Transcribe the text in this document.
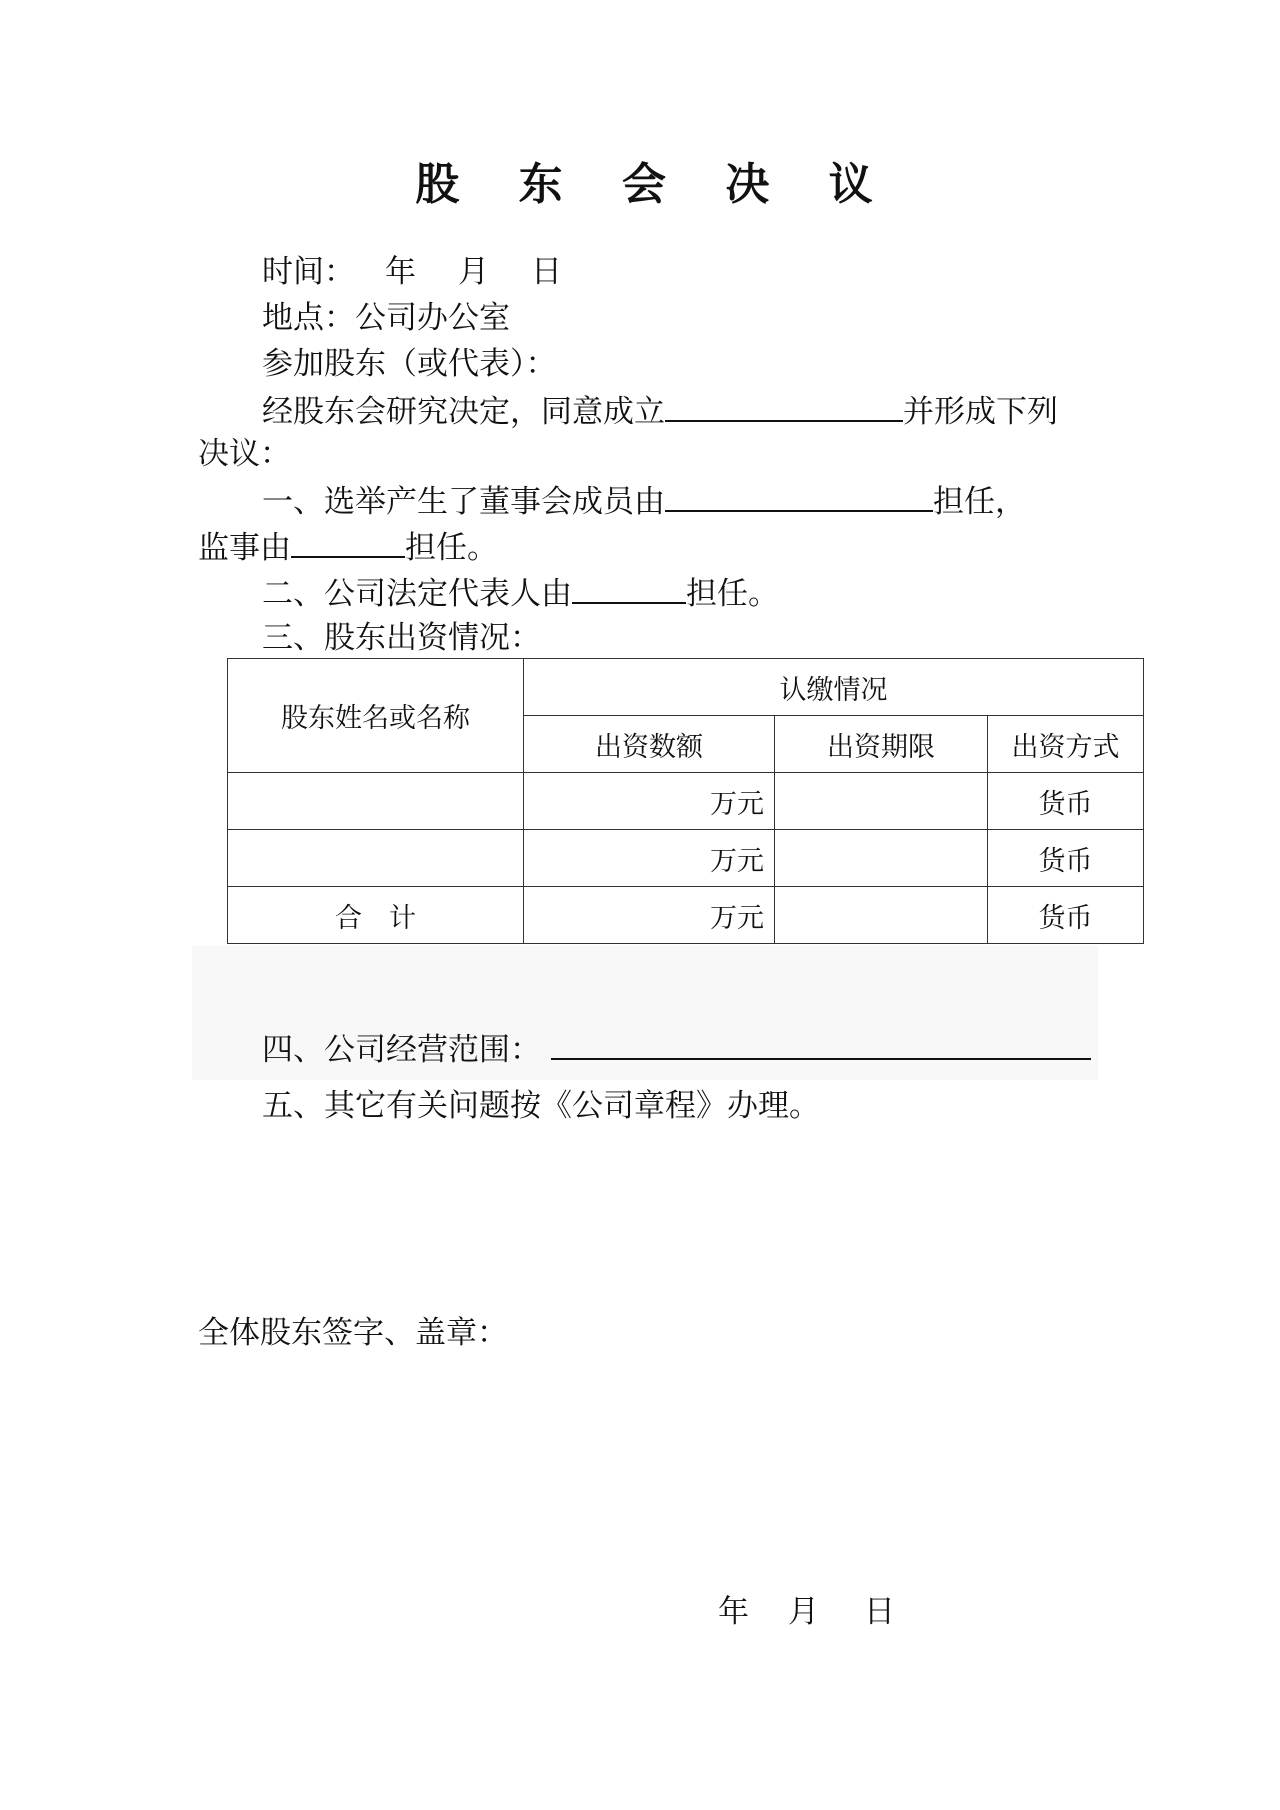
股 东 会 决 议
时间： 年 月 日
地点：公司办公室
参加股东（或代表）：
经股东会研究决定，同意成立	并形成下列
决议：
一、选举产生了董事会成员由	担任，
监事由	担任。
二、公司法定代表人由	担任。
三、股东出资情况：
股东姓名或名称	认缴情况		
	出资数额	出资期限	出资方式
	万元		货币
	万元		货币
合　计	万元		货币
四、公司经营范围：
五、其它有关问题按《公司章程》办理。
全体股东签字、盖章：
年 月 日
